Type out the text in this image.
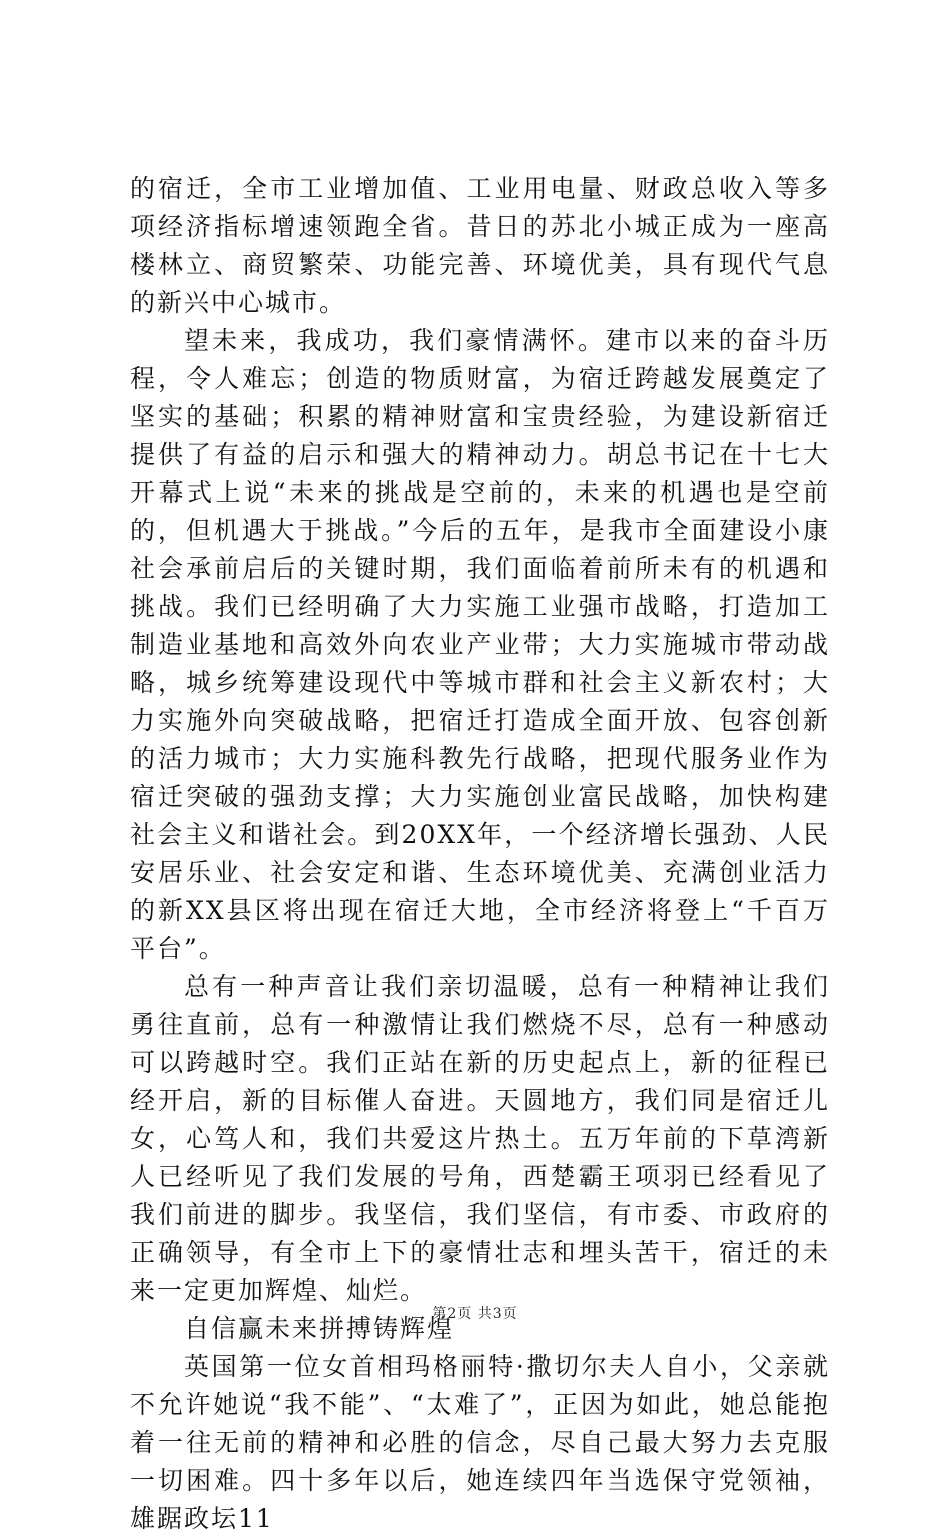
的宿迁，全市工业增加值、工业用电量、财政总收入等多项经济指标增速领跑全省。昔日的苏北小城正成为一座高楼林立、商贸繁荣、功能完善、环境优美，具有现代气息的新兴中心城市。

望未来，我成功，我们豪情满怀。建市以来的奋斗历程，令人难忘；创造的物质财富，为宿迁跨越发展奠定了坚实的基础；积累的精神财富和宝贵经验，为建设新宿迁提供了有益的启示和强大的精神动力。胡总书记在十七大开幕式上说“未来的挑战是空前的，未来的机遇也是空前的，但机遇大于挑战。”今后的五年，是我市全面建设小康社会承前启后的关键时期，我们面临着前所未有的机遇和挑战。我们已经明确了大力实施工业强市战略，打造加工制造业基地和高效外向农业产业带；大力实施城市带动战略，城乡统筹建设现代中等城市群和社会主义新农村；大力实施外向突破战略，把宿迁打造成全面开放、包容创新的活力城市；大力实施科教先行战略，把现代服务业作为宿迁突破的强劲支撑；大力实施创业富民战略，加快构建社会主义和谐社会。到20XX年，一个经济增长强劲、人民安居乐业、社会安定和谐、生态环境优美、充满创业活力的新XX县区将出现在宿迁大地，全市经济将登上“千百万平台”。

总有一种声音让我们亲切温暖，总有一种精神让我们勇往直前，总有一种激情让我们燃烧不尽，总有一种感动可以跨越时空。我们正站在新的历史起点上，新的征程已经开启，新的目标催人奋进。天圆地方，我们同是宿迁儿女，心笃人和，我们共爱这片热土。五万年前的下草湾新人已经听见了我们发展的号角，西楚霸王项羽已经看见了我们前进的脚步。我坚信，我们坚信，有市委、市政府的正确领导，有全市上下的豪情壮志和埋头苦干，宿迁的未来一定更加辉煌、灿烂。

自信赢未来拼搏铸辉煌

英国第一位女首相玛格丽特·撒切尔夫人自小，父亲就不允许她说“我不能”、“太难了”，正因为如此，她总能抱着一往无前的精神和必胜的信念，尽自己最大努力去克服一切困难。四十多年以后，她连续四年当选保守党领袖，雄踞政坛11

第2页 共3页
